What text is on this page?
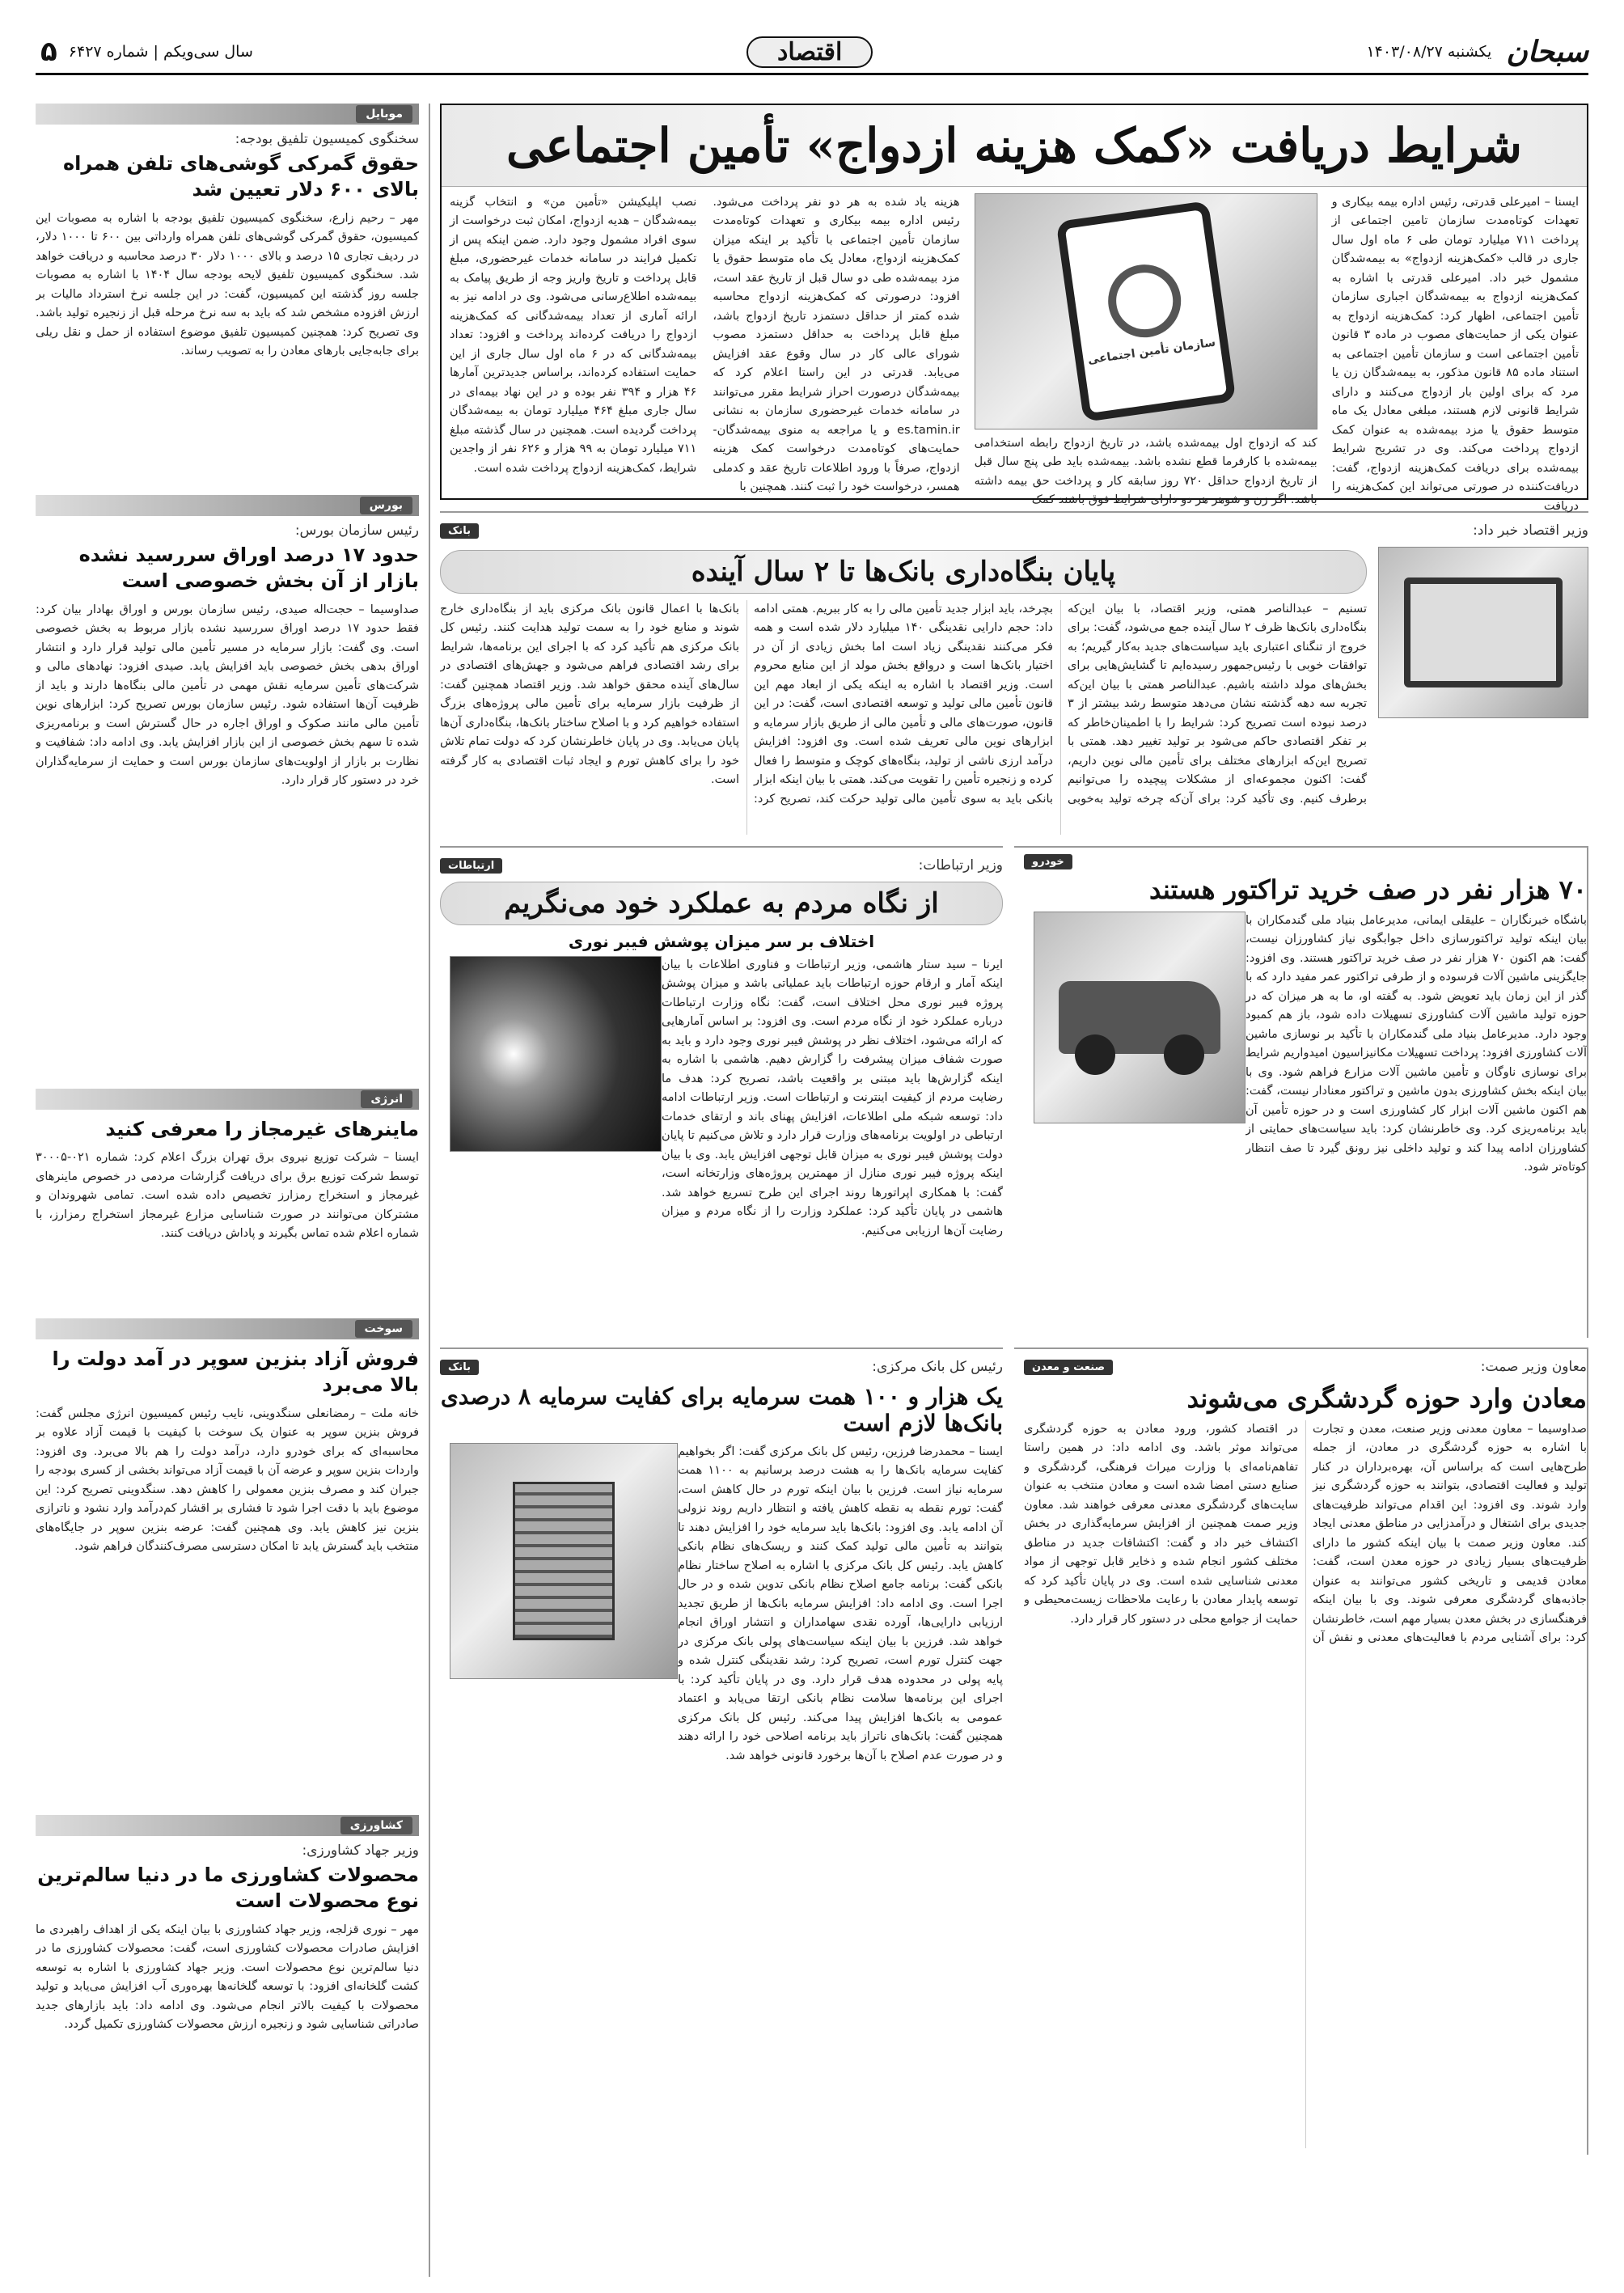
سبحان
یکشنبه ۱۴۰۳/۰۸/۲۷
اقتصاد
سال سی‌ویکم ‌| شماره ۶۴۲۷
۵
شرایط دریافت «کمک هزینه ازدواج» تأمین اجتماعی
ایسنا – امیرعلی قدرتی، رئیس اداره بیمه بیکاری و تعهدات کوتاه‌مدت سازمان تامین اجتماعی از پرداخت ۷۱۱ میلیارد تومان طی ۶ ماه اول سال جاری در قالب «کمک‌هزینه ازدواج» به بیمه‌شدگان مشمول خبر داد. امیرعلی قدرتی با اشاره به کمک‌هزینه ازدواج به بیمه‌شدگان اجباری سازمان تأمین اجتماعی، اظهار کرد: کمک‌هزینه ازدواج به عنوان یکی از حمایت‌های مصوب در ماده ۳ قانون تأمین اجتماعی است و سازمان تأمین اجتماعی به استناد ماده ۸۵ قانون مذکور، به بیمه‌شدگان زن یا مرد که برای اولین بار ازدواج می‌کنند و دارای شرایط قانونی لازم هستند، مبلغی معادل یک ماه متوسط حقوق یا مزد بیمه‌شده به عنوان کمک ازدواج پرداخت می‌کند. وی در تشریح شرایط بیمه‌شده برای دریافت کمک‌هزینه ازدواج، گفت: دریافت‌کننده در صورتی می‌تواند این کمک‌هزینه را دریافت
سازمان تأمین اجتماعی
کند که ازدواج اول بیمه‌شده باشد، در تاریخ ازدواج رابطه استخدامی بیمه‌شده با کارفرما قطع نشده باشد. بیمه‌شده باید طی پنج سال قبل از تاریخ ازدواج حداقل ۷۲۰ روز سابقه کار و پرداخت حق بیمه داشته باشد. اگر زن و شوهر هر دو دارای شرایط فوق باشند کمک
هزینه یاد شده به هر دو نفر پرداخت می‌شود. رئیس اداره بیمه بیکاری و تعهدات کوتاه‌مدت سازمان تأمین اجتماعی با تأکید بر اینکه میزان کمک‌هزینه ازدواج، معادل یک ماه متوسط حقوق یا مزد بیمه‌شده طی دو سال قبل از تاریخ عقد است، افزود: درصورتی که کمک‌هزینه ازدواج محاسبه شده کمتر از حداقل دستمزد تاریخ ازدواج باشد، مبلغ قابل پرداخت به حداقل دستمزد مصوب شورای عالی کار در سال وقوع عقد افزایش می‌یابد. قدرتی در این راستا اعلام کرد که بیمه‌شدگان درصورت احراز شرایط مقرر می‌توانند در سامانه خدمات غیرحضوری سازمان به نشانی es.tamin.ir و یا مراجعه به منوی بیمه‌شدگان-حمایت‌های کوتاه‌مدت درخواست کمک هزینه ازدواج، صرفاً با ورود اطلاعات تاریخ عقد و کدملی همسر، درخواست خود را ثبت کنند. همچنین با
نصب اپلیکیشن «تأمین من» و انتخاب گزینه بیمه‌شدگان – هدیه ازدواج، امکان ثبت درخواست از سوی افراد مشمول وجود دارد. ضمن اینکه پس از تکمیل فرایند در سامانه خدمات غیرحضوری، مبلغ قابل پرداخت و تاریخ واریز وجه از طریق پیامک به بیمه‌شده اطلاع‌رسانی می‌شود. وی در ادامه نیز به ارائه آماری از تعداد بیمه‌شدگانی که کمک‌هزینه ازدواج را دریافت کرده‌اند پرداخت و افزود: تعداد بیمه‌شدگانی که در ۶ ماه اول سال جاری از این حمایت استفاده کرده‌اند، براساس جدیدترین آمارها ۴۶ هزار و ۳۹۴ نفر بوده و در این نهاد بیمه‌ای در سال جاری مبلغ ۴۶۴ میلیارد تومان به بیمه‌شدگان پرداخت گردیده است. همچنین در سال گذشته مبلغ ۷۱۱ میلیارد تومان به ۹۹ هزار و ۶۲۶ نفر از واجدین شرایط، کمک‌هزینه ازدواج پرداخت شده است.
وزیر اقتصاد خبر داد:
بانک
پایان بنگاه‌داری بانک‌ها تا ۲ سال آینده
تسنیم – عبدالناصر همتی، وزیر اقتصاد، با بیان این‌که بنگاه‌داری بانک‌ها ظرف ۲ سال آینده جمع می‌شود، گفت: برای خروج از تنگنای اعتباری باید سیاست‌های جدید به‌کار گیریم؛ به توافقات خوبی با رئیس‌جمهور رسیده‌ایم تا گشایش‌هایی برای بخش‌های مولد داشته باشیم. عبدالناصر همتی با بیان این‌که تجربه سه دهه گذشته نشان می‌دهد متوسط رشد بیشتر از ۳ درصد نبوده است تصریح کرد: شرایط را با اطمینان‌خاطر که بر تفکر اقتصادی حاکم می‌شود بر تولید تغییر دهد. همتی با تصریح این‌که ابزارهای مختلف برای تأمین مالی نوین داریم، گفت: اکنون مجموعه‌ای از مشکلات پیچیده را می‌توانیم برطرف کنیم. وی تأکید کرد: برای آن‌که چرخه تولید به‌خوبی بچرخد، باید ابزار جدید تأمین مالی را به کار ببریم. همتی ادامه داد: حجم دارایی نقدینگی ۱۴۰ میلیارد دلار شده است و همه فکر می‌کنند نقدینگی زیاد است اما بخش زیادی از آن در اختیار بانک‌ها است و درواقع بخش مولد از این منابع محروم است. وزیر اقتصاد با اشاره به اینکه یکی از ابعاد مهم این قانون تأمین مالی تولید و توسعه اقتصادی است، گفت: در این قانون، صورت‌های مالی و تأمین مالی از طریق بازار سرمایه و ابزارهای نوین مالی تعریف شده است. وی افزود: افزایش درآمد ارزی ناشی از تولید، بنگاه‌های کوچک و متوسط را فعال کرده و زنجیره تأمین را تقویت می‌کند. همتی با بیان اینکه ابزار بانکی باید به سوی تأمین مالی تولید حرکت کند، تصریح کرد: بانک‌ها با اعمال قانون بانک مرکزی باید از بنگاه‌داری خارج شوند و منابع خود را به سمت تولید هدایت کنند. رئیس کل بانک مرکزی هم تأکید کرد که با اجرای این برنامه‌ها، شرایط برای رشد اقتصادی فراهم می‌شود و جهش‌های اقتصادی در سال‌های آینده محقق خواهد شد. وزیر اقتصاد همچنین گفت: از ظرفیت بازار سرمایه برای تأمین مالی پروژه‌های بزرگ استفاده خواهیم کرد و با اصلاح ساختار بانک‌ها، بنگاه‌داری آن‌ها پایان می‌یابد. وی در پایان خاطرنشان کرد که دولت تمام تلاش خود را برای کاهش تورم و ایجاد ثبات اقتصادی به کار گرفته است.
خودرو
۷۰ هزار نفر در صف خرید تراکتور هستند
باشگاه خبرنگاران – علیقلی ایمانی، مدیرعامل بنیاد ملی گندمکاران با بیان اینکه تولید تراکتورسازی داخل جوابگوی نیاز کشاورزان نیست، گفت: هم اکنون ۷۰ هزار نفر در صف خرید تراکتور هستند. وی افزود: جایگزینی ماشین آلات فرسوده و از طرفی تراکتور عمر مفید دارد که با گذر از این زمان باید تعویض شود. به گفته او، ما به هر میزان که در حوزه تولید ماشین آلات کشاورزی تسهیلات داده شود، باز هم کمبود وجود دارد. مدیرعامل بنیاد ملی گندمکاران با تأکید بر نوسازی ماشین آلات کشاورزی افزود: پرداخت تسهیلات مکانیزاسیون امیدواریم شرایط برای نوسازی ناوگان و تأمین ماشین آلات مزارع فراهم شود. وی با بیان اینکه بخش کشاورزی بدون ماشین و تراکتور معنادار نیست، گفت: هم اکنون ماشین آلات ابزار کار کشاورزی است و در حوزه تأمین آن باید برنامه‌ریزی کرد. وی خاطرنشان کرد: باید سیاست‌های حمایتی از کشاورزان ادامه پیدا کند و تولید داخلی نیز رونق گیرد تا صف انتظار کوتاه‌تر شود.
وزیر ارتباطات:
ارتباطات
از نگاه مردم به عملکرد خود می‌نگریم
اختلاف بر سر میزان پوشش فیبر نوری
ایرنا – سید ستار هاشمی، وزیر ارتباطات و فناوری اطلاعات با بیان اینکه آمار و ارقام حوزه ارتباطات باید عملیاتی باشد و میزان پوشش پروژه فیبر نوری محل اختلاف است، گفت: نگاه وزارت ارتباطات درباره عملکرد خود از نگاه مردم است. وی افزود: بر اساس آمارهایی که ارائه می‌شود، اختلاف نظر در پوشش فیبر نوری وجود دارد و باید به صورت شفاف میزان پیشرفت را گزارش دهیم. هاشمی با اشاره به اینکه گزارش‌ها باید مبتنی بر واقعیت باشد، تصریح کرد: هدف ما رضایت مردم از کیفیت اینترنت و ارتباطات است. وزیر ارتباطات ادامه داد: توسعه شبکه ملی اطلاعات، افزایش پهنای باند و ارتقای خدمات ارتباطی در اولویت برنامه‌های وزارت قرار دارد و تلاش می‌کنیم تا پایان دولت پوشش فیبر نوری به میزان قابل توجهی افزایش یابد. وی با بیان اینکه پروژه فیبر نوری منازل از مهمترین پروژه‌های وزارتخانه است، گفت: با همکاری اپراتورها روند اجرای این طرح تسریع خواهد شد. هاشمی در پایان تأکید کرد: عملکرد وزارت را از نگاه مردم و میزان رضایت آن‌ها ارزیابی می‌کنیم.
معاون وزیر صمت:
صنعت و معدن
معادن وارد حوزه گردشگری می‌شوند
صداوسیما – معاون معدنی وزیر صنعت، معدن و تجارت با اشاره به حوزه گردشگری در معادن، از جمله طرح‌هایی است که براساس آن، بهره‌برداران در کنار تولید و فعالیت اقتصادی، بتوانند به حوزه گردشگری نیز وارد شوند. وی افزود: این اقدام می‌تواند ظرفیت‌های جدیدی برای اشتغال و درآمدزایی در مناطق معدنی ایجاد کند. معاون وزیر صمت با بیان اینکه کشور ما دارای ظرفیت‌های بسیار زیادی در حوزه معدن است، گفت: معادن قدیمی و تاریخی کشور می‌توانند به عنوان جاذبه‌های گردشگری معرفی شوند. وی با بیان اینکه فرهنگسازی در بخش معدن بسیار مهم است، خاطرنشان کرد: برای آشنایی مردم با فعالیت‌های معدنی و نقش آن در اقتصاد کشور، ورود معادن به حوزه گردشگری می‌تواند موثر باشد. وی ادامه داد: در همین راستا تفاهم‌نامه‌ای با وزارت میراث فرهنگی، گردشگری و صنایع دستی امضا شده است و معادن منتخب به عنوان سایت‌های گردشگری معدنی معرفی خواهند شد. معاون وزیر صمت همچنین از افزایش سرمایه‌گذاری در بخش اکتشاف خبر داد و گفت: اکتشافات جدید در مناطق مختلف کشور انجام شده و ذخایر قابل توجهی از مواد معدنی شناسایی شده است. وی در پایان تأکید کرد که توسعه پایدار معادن با رعایت ملاحظات زیست‌محیطی و حمایت از جوامع محلی در دستور کار قرار دارد.
رئیس کل بانک مرکزی:
بانک
یک هزار و ۱۰۰ همت سرمایه برای کفایت سرمایه ۸ درصدی بانک‌ها لازم است
ایسنا – محمدرضا فرزین، رئیس کل بانک مرکزی گفت: اگر بخواهیم کفایت سرمایه بانک‌ها را به هشت درصد برسانیم به ۱۱۰۰ همت سرمایه نیاز است. فرزین با بیان اینکه تورم در حال کاهش است، گفت: تورم نقطه به نقطه کاهش یافته و انتظار داریم روند نزولی آن ادامه یابد. وی افزود: بانک‌ها باید سرمایه خود را افزایش دهند تا بتوانند به تأمین مالی تولید کمک کنند و ریسک‌های نظام بانکی کاهش یابد. رئیس کل بانک مرکزی با اشاره به اصلاح ساختار نظام بانکی گفت: برنامه جامع اصلاح نظام بانکی تدوین شده و در حال اجرا است. وی ادامه داد: افزایش سرمایه بانک‌ها از طریق تجدید ارزیابی دارایی‌ها، آورده نقدی سهامداران و انتشار اوراق انجام خواهد شد. فرزین با بیان اینکه سیاست‌های پولی بانک مرکزی در جهت کنترل تورم است، تصریح کرد: رشد نقدینگی کنترل شده و پایه پولی در محدوده هدف قرار دارد. وی در پایان تأکید کرد: با اجرای این برنامه‌ها سلامت نظام بانکی ارتقا می‌یابد و اعتماد عمومی به بانک‌ها افزایش پیدا می‌کند. رئیس کل بانک مرکزی همچنین گفت: بانک‌های ناتراز باید برنامه اصلاحی خود را ارائه دهند و در صورت عدم اصلاح با آن‌ها برخورد قانونی خواهد شد.
موبایل
سخنگوی کمیسیون تلفیق بودجه:
حقوق گمرکی گوشی‌های تلفن همراه بالای ۶۰۰ دلار تعیین شد
مهر – رحیم زارع، سخنگوی کمیسیون تلفیق بودجه با اشاره به مصوبات این کمیسیون، حقوق گمرکی گوشی‌های تلفن همراه وارداتی بین ۶۰۰ تا ۱۰۰۰ دلار، در ردیف تجاری ۱۵ درصد و بالای ۱۰۰۰ دلار ۳۰ درصد محاسبه و دریافت خواهد شد. سخنگوی کمیسیون تلفیق لایحه بودجه سال ۱۴۰۴ با اشاره به مصوبات جلسه روز گذشته این کمیسیون، گفت: در این جلسه نرخ استرداد مالیات بر ارزش افزوده مشخص شد که باید به سه نرخ مرحله قبل از زنجیره تولید باشد. وی تصریح کرد: همچنین کمیسیون تلفیق موضوع استفاده از حمل و نقل ریلی برای جابه‌جایی بارهای معادن را به تصویب رساند.
بورس
رئیس سازمان بورس:
حدود ۱۷ درصد اوراق سررسید نشده بازار از آن بخش خصوصی است
صداوسیما – حجت‌اله صیدی، رئیس سازمان بورس و اوراق بهادار بیان کرد: فقط حدود ۱۷ درصد اوراق سررسید نشده بازار مربوط به بخش خصوصی است. وی گفت: بازار سرمایه در مسیر تأمین مالی تولید قرار دارد و انتشار اوراق بدهی بخش خصوصی باید افزایش یابد. صیدی افزود: نهادهای مالی و شرکت‌های تأمین سرمایه نقش مهمی در تأمین مالی بنگاه‌ها دارند و باید از ظرفیت آن‌ها استفاده شود. رئیس سازمان بورس تصریح کرد: ابزارهای نوین تأمین مالی مانند صکوک و اوراق اجاره در حال گسترش است و برنامه‌ریزی شده تا سهم بخش خصوصی از این بازار افزایش یابد. وی ادامه داد: شفافیت و نظارت بر بازار از اولویت‌های سازمان بورس است و حمایت از سرمایه‌گذاران خرد در دستور کار قرار دارد.
انرژی
ماینرهای غیرمجاز را معرفی کنید
ایسنا – شرکت توزیع نیروی برق تهران بزرگ اعلام کرد: شماره ۰۲۱-۳۰۰۰۵ توسط شرکت توزیع برق برای دریافت گزارشات مردمی در خصوص ماینرهای غیرمجاز و استخراج رمزارز تخصیص داده شده است. تمامی شهروندان و مشترکان می‌توانند در صورت شناسایی مزارع غیرمجاز استخراج رمزارز، با شماره اعلام شده تماس بگیرند و پاداش دریافت کنند.
سوخت
فروش آزاد بنزین سوپر در آمد دولت را بالا می‌برد
خانه ملت – رمضانعلی سنگدوینی، نایب رئیس کمیسیون انرژی مجلس گفت: فروش بنزین سوپر به عنوان یک سوخت با کیفیت با قیمت آزاد علاوه بر محاسبه‌ای که برای خودرو دارد، درآمد دولت را هم بالا می‌برد. وی افزود: واردات بنزین سوپر و عرضه آن با قیمت آزاد می‌تواند بخشی از کسری بودجه را جبران کند و مصرف بنزین معمولی را کاهش دهد. سنگدوینی تصریح کرد: این موضوع باید با دقت اجرا شود تا فشاری بر اقشار کم‌درآمد وارد نشود و ناترازی بنزین نیز کاهش یابد. وی همچنین گفت: عرضه بنزین سوپر در جایگاه‌های منتخب باید گسترش یابد تا امکان دسترسی مصرف‌کنندگان فراهم شود.
کشاورزی
وزیر جهاد کشاورزی:
محصولات کشاورزی ما در دنیا سالم‌ترین نوع محصولات است
مهر – نوری قزلجه، وزیر جهاد کشاورزی با بیان اینکه یکی از اهداف راهبردی ما افزایش صادرات محصولات کشاورزی است، گفت: محصولات کشاورزی ما در دنیا سالم‌ترین نوع محصولات است. وزیر جهاد کشاورزی با اشاره به توسعه کشت گلخانه‌ای افزود: با توسعه گلخانه‌ها بهره‌وری آب افزایش می‌یابد و تولید محصولات با کیفیت بالاتر انجام می‌شود. وی ادامه داد: باید بازارهای جدید صادراتی شناسایی شود و زنجیره ارزش محصولات کشاورزی تکمیل گردد.
